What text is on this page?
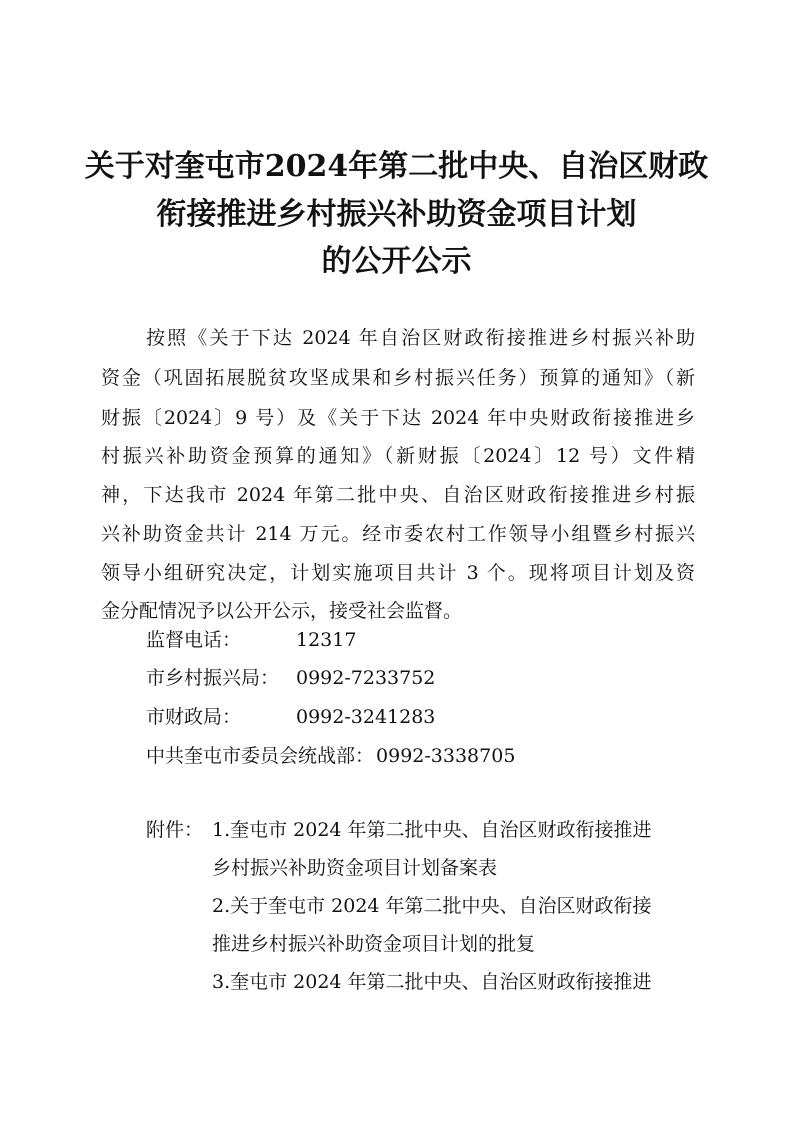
关于对奎屯市2024年第二批中央、自治区财政
衔接推进乡村振兴补助资金项目计划
的公开公示
按照《关于下达 2024 年自治区财政衔接推进乡村振兴补助
资金（巩固拓展脱贫攻坚成果和乡村振兴任务）预算的通知》（新
财振〔2024〕9 号）及《关于下达 2024 年中央财政衔接推进乡
村振兴补助资金预算的通知》（新财振〔2024〕12 号）文件精
神，下达我市 2024 年第二批中央、自治区财政衔接推进乡村振
兴补助资金共计 214 万元。经市委农村工作领导小组暨乡村振兴
领导小组研究决定，计划实施项目共计 3 个。现将项目计划及资
金分配情况予以公开公示，接受社会监督。
监督电话：	12317
市乡村振兴局： 0992-7233752
市财政局：	0992-3241283
中共奎屯市委员会统战部： 0992-3338705
附件： 1.奎屯市 2024 年第二批中央、自治区财政衔接推进
乡村振兴补助资金项目计划备案表
2.关于奎屯市 2024 年第二批中央、自治区财政衔接
推进乡村振兴补助资金项目计划的批复
3.奎屯市 2024 年第二批中央、自治区财政衔接推进
